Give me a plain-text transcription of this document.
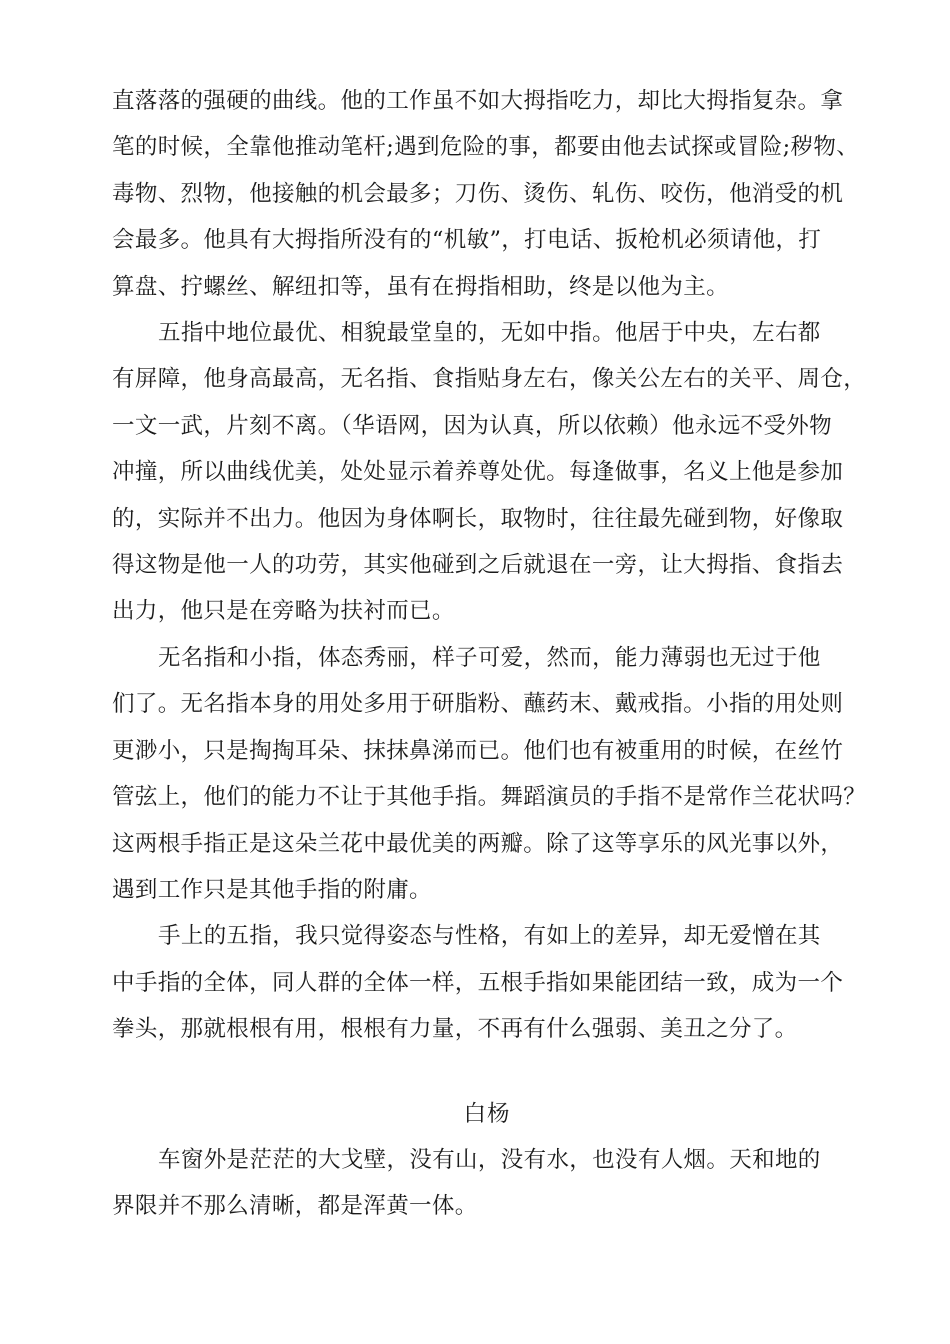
直落落的强硬的曲线。他的工作虽不如大拇指吃力，却比大拇指复杂。拿
笔的时候，全靠他推动笔杆;遇到危险的事，都要由他去试探或冒险;秽物、
毒物、烈物，他接触的机会最多；刀伤、烫伤、轧伤、咬伤，他消受的机
会最多。他具有大拇指所没有的“机敏”，打电话、扳枪机必须请他，打
算盘、拧螺丝、解纽扣等，虽有在拇指相助，终是以他为主。
五指中地位最优、相貌最堂皇的，无如中指。他居于中央，左右都
有屏障，他身高最高，无名指、食指贴身左右，像关公左右的关平、周仓，
一文一武，片刻不离。（华语网，因为认真，所以依赖）他永远不受外物
冲撞，所以曲线优美，处处显示着养尊处优。每逢做事，名义上他是参加
的，实际并不出力。他因为身体啊长，取物时，往往最先碰到物，好像取
得这物是他一人的功劳，其实他碰到之后就退在一旁，让大拇指、食指去
出力，他只是在旁略为扶衬而已。
无名指和小指，体态秀丽，样子可爱，然而，能力薄弱也无过于他
们了。无名指本身的用处多用于研脂粉、蘸药末、戴戒指。小指的用处则
更渺小，只是掏掏耳朵、抹抹鼻涕而已。他们也有被重用的时候，在丝竹
管弦上，他们的能力不让于其他手指。舞蹈演员的手指不是常作兰花状吗？
这两根手指正是这朵兰花中最优美的两瓣。除了这等享乐的风光事以外，
遇到工作只是其他手指的附庸。
手上的五指，我只觉得姿态与性格，有如上的差异，却无爱憎在其
中手指的全体，同人群的全体一样，五根手指如果能团结一致，成为一个
拳头，那就根根有用，根根有力量，不再有什么强弱、美丑之分了。
白杨
车窗外是茫茫的大戈壁，没有山，没有水，也没有人烟。天和地的
界限并不那么清晰，都是浑黄一体。
